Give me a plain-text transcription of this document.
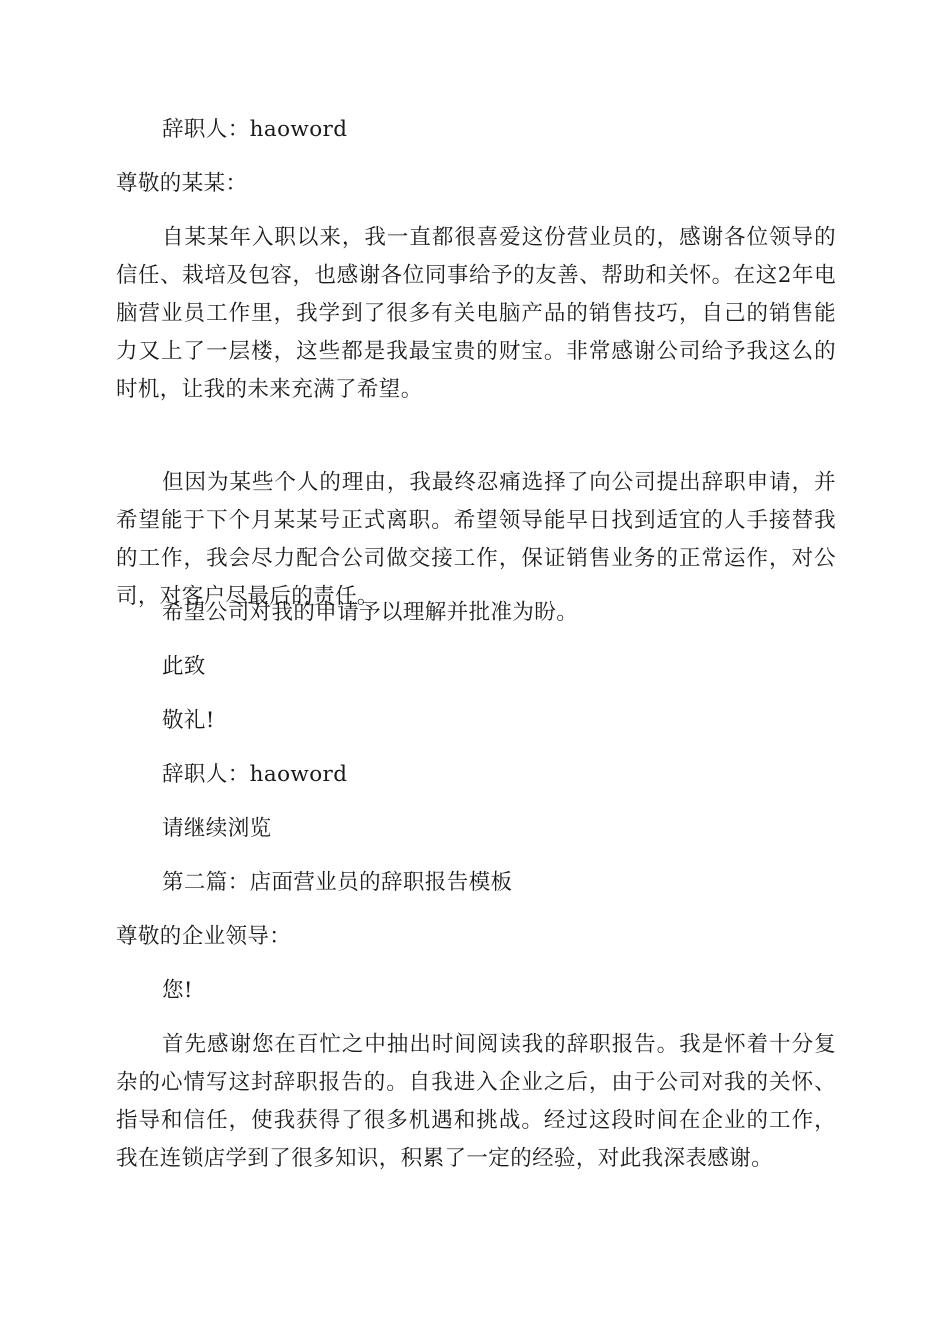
辞职人：haoword
尊敬的某某：

自某某年入职以来，我一直都很喜爱这份营业员的，感谢各位领导的信任、栽培及包容，也感谢各位同事给予的友善、帮助和关怀。在这2年电脑营业员工作里，我学到了很多有关电脑产品的销售技巧，自己的销售能力又上了一层楼，这些都是我最宝贵的财宝。非常感谢公司给予我这么的时机，让我的未来充满了希望。

但因为某些个人的理由，我最终忍痛选择了向公司提出辞职申请，并希望能于下个月某某号正式离职。希望领导能早日找到适宜的人手接替我的工作，我会尽力配合公司做交接工作，保证销售业务的正常运作，对公司，对客户尽最后的责任。

希望公司对我的申请予以理解并批准为盼。
此致
敬礼!
辞职人：haoword
请继续浏览
第二篇：店面营业员的辞职报告模板
尊敬的企业领导：
您!

首先感谢您在百忙之中抽出时间阅读我的辞职报告。我是怀着十分复杂的心情写这封辞职报告的。自我进入企业之后，由于公司对我的关怀、指导和信任，使我获得了很多机遇和挑战。经过这段时间在企业的工作，我在连锁店学到了很多知识，积累了一定的经验，对此我深表感谢。
